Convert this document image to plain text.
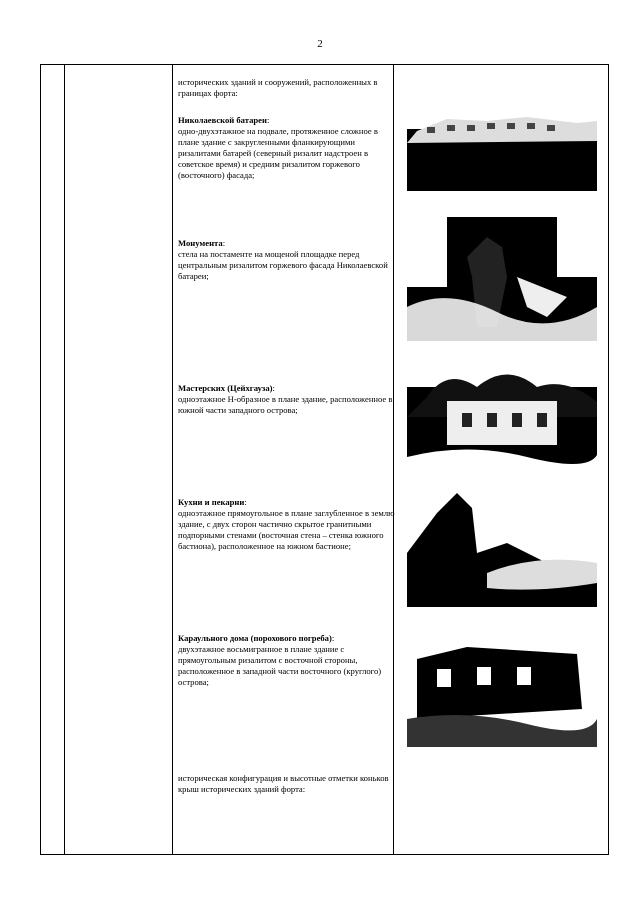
2
исторических зданий и сооружений, расположенных в границах форта:
Николаевской батареи:
одно-двухэтажное на подвале, протяженное сложное в плане здание с закругленными фланкирующими ризалитами батарей (северный ризалит надстроен в советское время) и средним ризалитом горжевого (восточного) фасада;
Монумента:
стела на постаменте на мощеной площадке перед центральным ризалитом горжевого фасада Николаевской батареи;
Мастерских (Цейхгауза):
одноэтажное Н-образное в плане здание, расположенное в южной части западного острова;
Кухни и пекарни:
одноэтажное прямоугольное в плане заглубленное в землю здание, с двух сторон частично скрытое гранитными подпорными стенами (восточная стена – стенка южного бастиона), расположенное на южном бастионе;
Караульного дома (порохового погреба):
двухэтажное восьмигранное в плане здание с прямоугольным ризалитом с восточной стороны, расположенное в западной части восточного (круглого) острова;
историческая конфигурация и высотные отметки коньков крыш исторических зданий форта:
